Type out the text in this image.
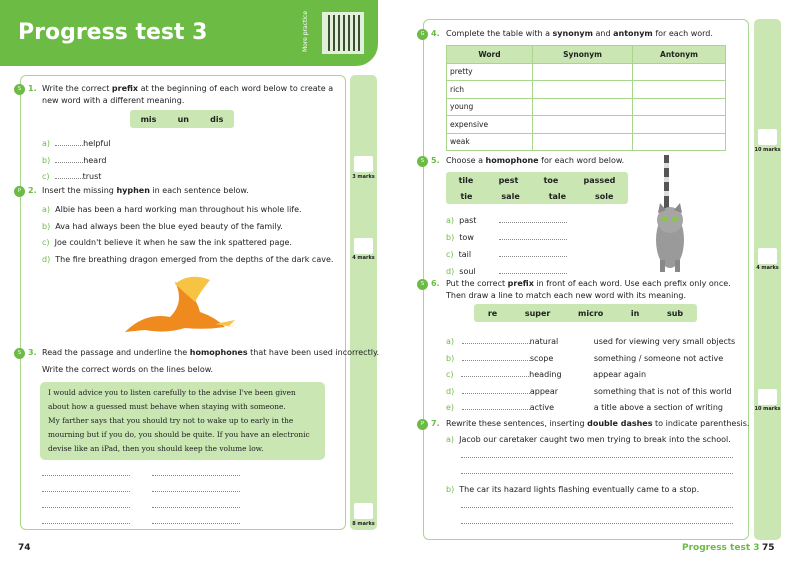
Progress test 3	More practice
3 marks
4 marks
8 marks
S 1. Write the correct prefix at the beginning of each word below to create a new word with a different meaning.
mis	un	dis
a)	helpful
b)	heard
c)	trust
P 2. Insert the missing hyphen in each sentence below.
a) Albie has been a hard working man throughout his whole life.
b) Ava had always been the blue eyed beauty of the family.
c) Joe couldn't believe it when he saw the ink spattered page.
d) The fire breathing dragon emerged from the depths of the dark cave.
S 3. Read the passage and underline the homophones that have been used incorrectly.
Write the correct words on the lines below.
I would advice you to listen carefully to the advise I've been given
about how a guessed must behave when staying with someone.
My farther says that you should try not to wake up to early in the
mourning but if you do, you should be quite. If you have an electronic
devise like an iPad, then you should keep the volume low.
74
10 marks
4 marks
10 marks
G 4. Complete the table with a synonym and antonym for each word.
Word	Synonym	Antonym
pretty		
rich		
young		
expensive		
weak		
S 5. Choose a homophone for each word below.
tile	pest	toe	passed
tie	sale	tale	sole
a) past
b) tow
c) tail
d) soul
S 6. Put the correct prefix in front of each word. Use each prefix only once.
Then draw a line to match each new word with its meaning.
re	super	micro	in	sub
a)	natural	used for viewing very small objects
b)	scope	something / someone not active
c)	heading	appear again
d)	appear	something that is not of this world
e)	active	a title above a section of writing
P 7. Rewrite these sentences, inserting double dashes to indicate parenthesis.
a) Jacob our caretaker caught two men trying to break into the school.
b) The car its hazard lights flashing eventually came to a stop.
Progress test 3 75
